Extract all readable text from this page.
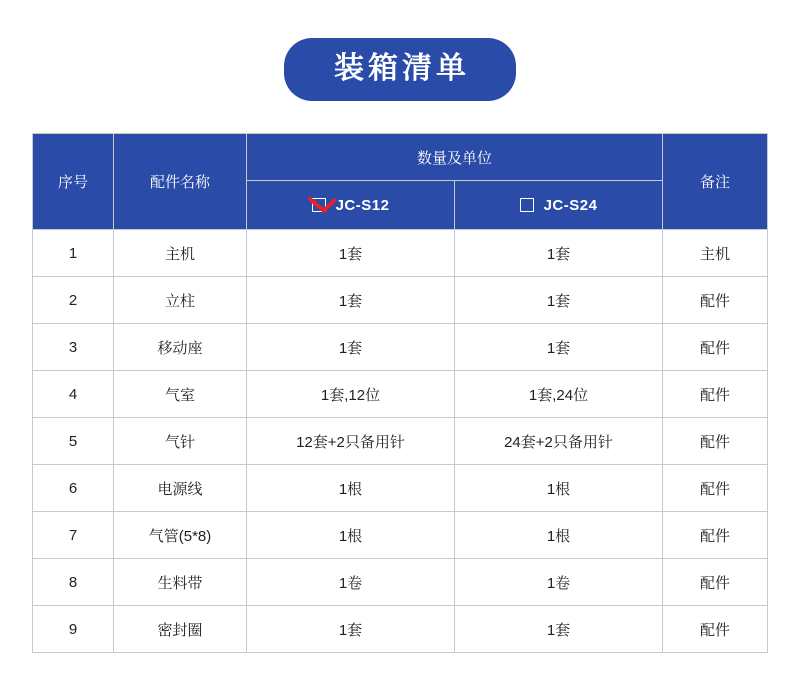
装箱清单
序号	配件名称	数量及单位		备注

		JC-S12	JC-S24	

1	主机	1套	1套	主机
2	立柱	1套	1套	配件
3	移动座	1套	1套	配件
4	气室	1套,12位	1套,24位	配件
5	气针	12套+2只备用针	24套+2只备用针	配件
6	电源线	1根	1根	配件
7	气管(5*8)	1根	1根	配件
8	生料带	1卷	1卷	配件
9	密封圈	1套	1套	配件
